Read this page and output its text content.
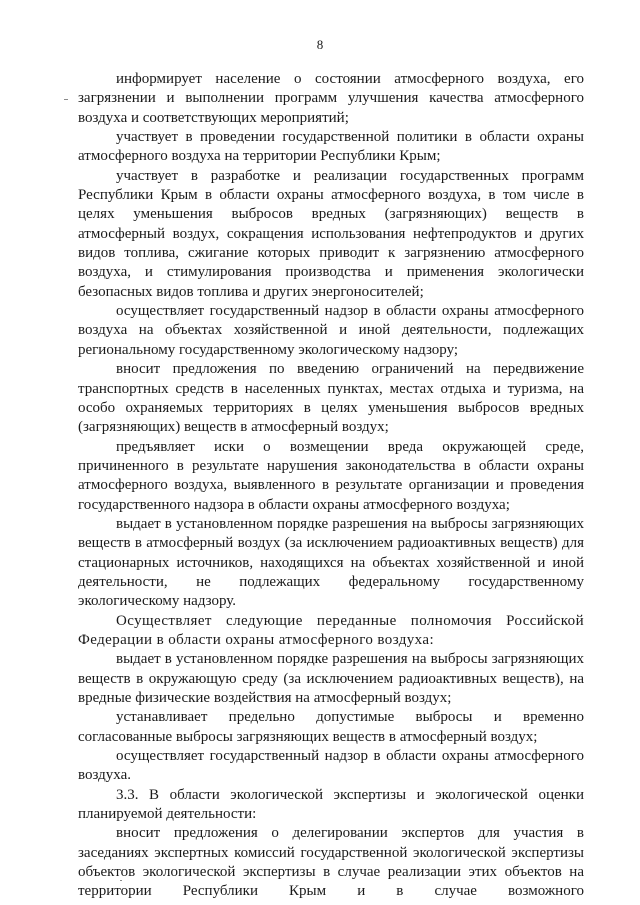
8

информирует население о состоянии атмосферного воздуха, его загрязнении и выполнении программ улучшения качества атмосферного воздуха и соответствующих мероприятий;

участвует в проведении государственной политики в области охраны атмосферного воздуха на территории Республики Крым;

участвует в разработке и реализации государственных программ Республики Крым в области охраны атмосферного воздуха, в том числе в целях уменьшения выбросов вредных (загрязняющих) веществ в атмосферный воздух, сокращения использования нефтепродуктов и других видов топлива, сжигание которых приводит к загрязнению атмосферного воздуха, и стимулирования производства и применения экологически безопасных видов топлива и других энергоносителей;

осуществляет государственный надзор в области охраны атмосферного воздуха на объектах хозяйственной и иной деятельности, подлежащих региональному государственному экологическому надзору;

вносит предложения по введению ограничений на передвижение транспортных средств в населенных пунктах, местах отдыха и туризма, на особо охраняемых территориях в целях уменьшения выбросов вредных (загрязняющих) веществ в атмосферный воздух;

предъявляет иски о возмещении вреда окружающей среде, причиненного в результате нарушения законодательства в области охраны атмосферного воздуха, выявленного в результате организации и проведения государственного надзора в области охраны атмосферного воздуха;

выдает в установленном порядке разрешения на выбросы загрязняющих веществ в атмосферный воздух (за исключением радиоактивных веществ) для стационарных источников, находящихся на объектах хозяйственной и иной деятельности, не подлежащих федеральному государственному экологическому надзору.

Осуществляет следующие переданные полномочия Российской Федерации в области охраны атмосферного воздуха:

выдает в установленном порядке разрешения на выбросы загрязняющих веществ в окружающую среду (за исключением радиоактивных веществ), на вредные физические воздействия на атмосферный воздух;

устанавливает предельно допустимые выбросы и временно согласованные выбросы загрязняющих веществ в атмосферный воздух;

осуществляет государственный надзор в области охраны атмосферного воздуха.

3.3. В области экологической экспертизы и экологической оценки планируемой деятельности:

вносит предложения о делегировании экспертов для участия в заседаниях экспертных комиссий государственной экологической экспертизы объектов экологической экспертизы в случае реализации этих объектов на территории Республики Крым и в случае возможного
